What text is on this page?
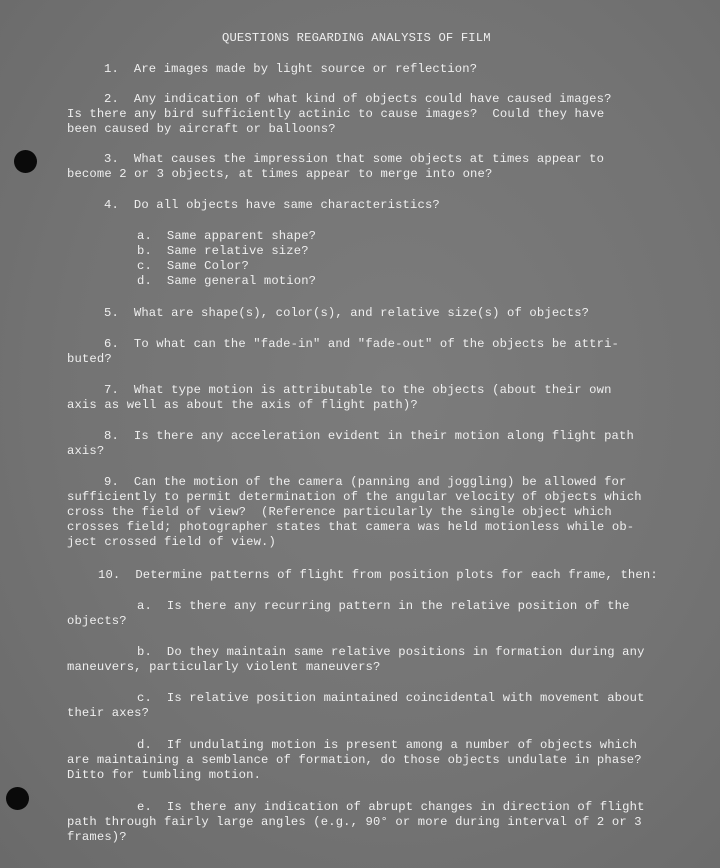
QUESTIONS REGARDING ANALYSIS OF FILM

1.  Are images made by light source or reflection?

2.  Any indication of what kind of objects could have caused images?

Is there any bird sufficiently actinic to cause images?  Could they have

been caused by aircraft or balloons?

3.  What causes the impression that some objects at times appear to

become 2 or 3 objects, at times appear to merge into one?

4.  Do all objects have same characteristics?

a.  Same apparent shape?

b.  Same relative size?

c.  Same Color?

d.  Same general motion?

5.  What are shape(s), color(s), and relative size(s) of objects?

6.  To what can the "fade-in" and "fade-out" of the objects be attri-

buted?

7.  What type motion is attributable to the objects (about their own

axis as well as about the axis of flight path)?

8.  Is there any acceleration evident in their motion along flight path

axis?

9.  Can the motion of the camera (panning and joggling) be allowed for

sufficiently to permit determination of the angular velocity of objects which

cross the field of view?  (Reference particularly the single object which

crosses field; photographer states that camera was held motionless while ob-

ject crossed field of view.)

10.  Determine patterns of flight from position plots for each frame, then:

a.  Is there any recurring pattern in the relative position of the

objects?

b.  Do they maintain same relative positions in formation during any

maneuvers, particularly violent maneuvers?

c.  Is relative position maintained coincidental with movement about

their axes?

d.  If undulating motion is present among a number of objects which

are maintaining a semblance of formation, do those objects undulate in phase?

Ditto for tumbling motion.

e.  Is there any indication of abrupt changes in direction of flight

path through fairly large angles (e.g., 90° or more during interval of 2 or 3

frames)?
